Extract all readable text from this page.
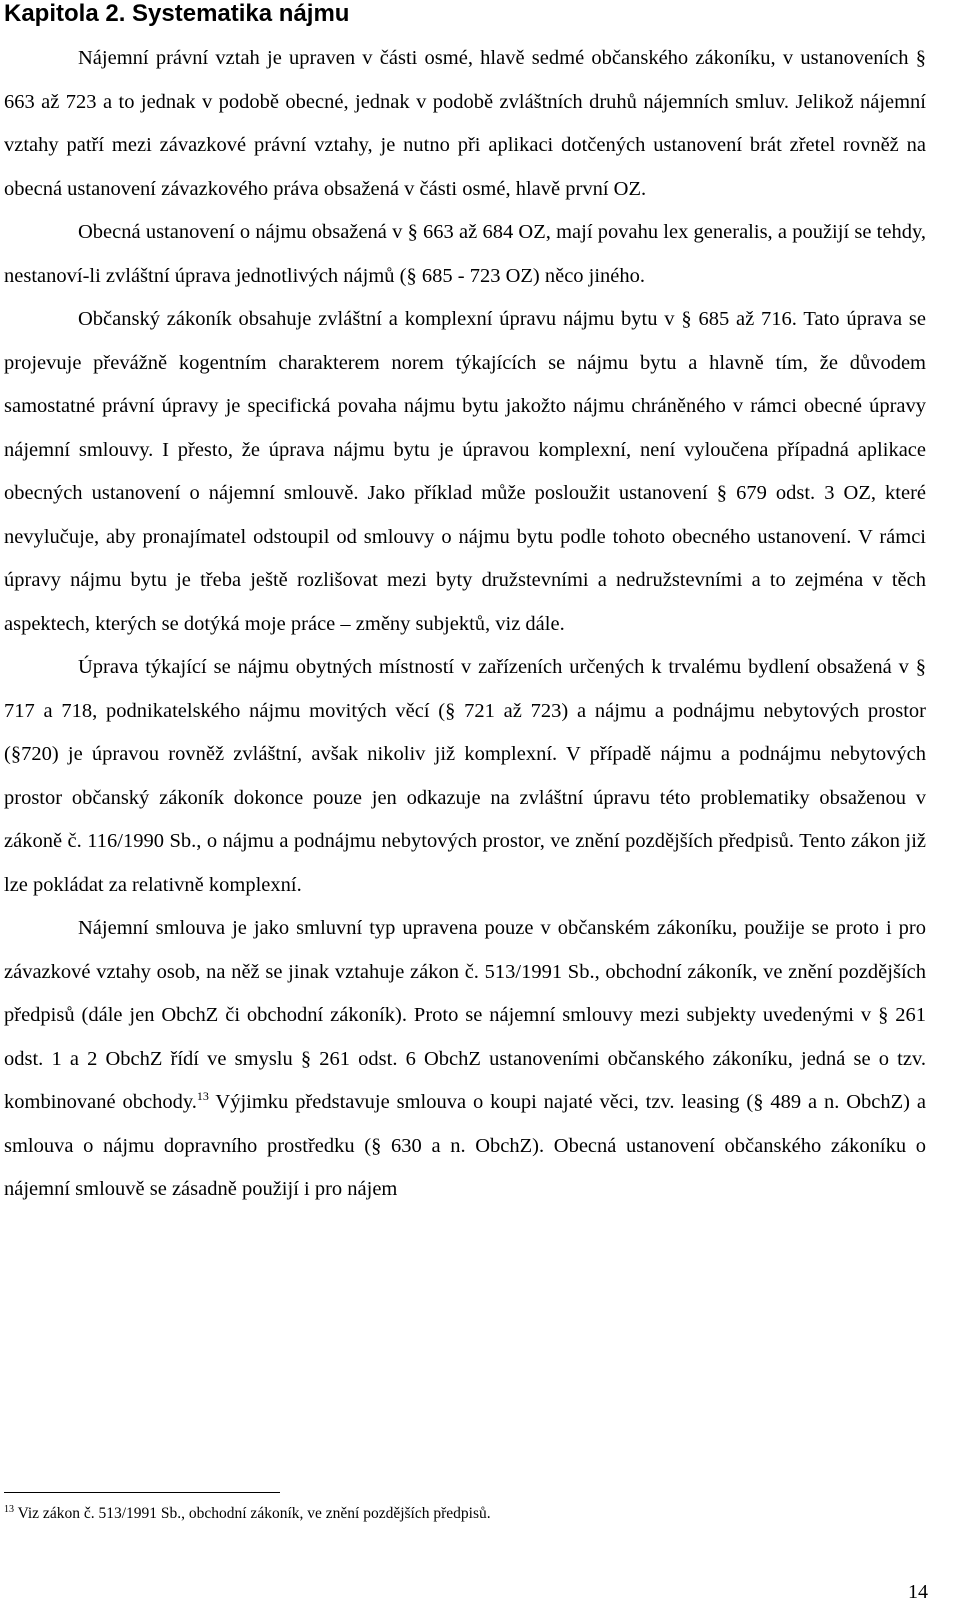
Kapitola 2. Systematika nájmu

Nájemní právní vztah je upraven v části osmé, hlavě sedmé občanského zákoníku, v ustanoveních § 663 až 723 a to jednak v podobě obecné, jednak v podobě zvláštních druhů nájemních smluv. Jelikož nájemní vztahy patří mezi závazkové právní vztahy, je nutno při aplikaci dotčených ustanovení brát zřetel rovněž na obecná ustanovení závazkového práva obsažená v části osmé, hlavě první OZ.

Obecná ustanovení o nájmu obsažená v § 663 až 684 OZ, mají povahu lex generalis, a použijí se tehdy, nestanoví-li zvláštní úprava jednotlivých nájmů (§ 685 - 723 OZ) něco jiného.

Občanský zákoník obsahuje zvláštní a komplexní úpravu nájmu bytu v § 685 až 716. Tato úprava se projevuje převážně kogentním charakterem norem týkajících se nájmu bytu a hlavně tím, že důvodem samostatné právní úpravy je specifická povaha nájmu bytu jakožto nájmu chráněného v rámci obecné úpravy nájemní smlouvy. I přesto, že úprava nájmu bytu je úpravou komplexní, není vyloučena případná aplikace obecných ustanovení o nájemní smlouvě. Jako příklad může posloužit ustanovení § 679 odst. 3 OZ, které nevylučuje, aby pronajímatel odstoupil od smlouvy o nájmu bytu podle tohoto obecného ustanovení. V rámci úpravy nájmu bytu je třeba ještě rozlišovat mezi byty družstevními a nedružstevními a to zejména v těch aspektech, kterých se dotýká moje práce – změny subjektů, viz dále.

Úprava týkající se nájmu obytných místností v zařízeních určených k trvalému bydlení obsažená v § 717 a 718, podnikatelského nájmu movitých věcí (§ 721 až 723) a nájmu a podnájmu nebytových prostor (§720) je úpravou rovněž zvláštní, avšak nikoliv již komplexní. V případě nájmu a podnájmu nebytových prostor občanský zákoník dokonce pouze jen odkazuje na zvláštní úpravu této problematiky obsaženou v zákoně č. 116/1990 Sb., o nájmu a podnájmu nebytových prostor, ve znění pozdějších předpisů. Tento zákon již lze pokládat za relativně komplexní.

Nájemní smlouva je jako smluvní typ upravena pouze v občanském zákoníku, použije se proto i pro závazkové vztahy osob, na něž se jinak vztahuje zákon č. 513/1991 Sb., obchodní zákoník, ve znění pozdějších předpisů (dále jen ObchZ či obchodní zákoník). Proto se nájemní smlouvy mezi subjekty uvedenými v § 261 odst. 1 a 2 ObchZ řídí ve smyslu § 261 odst. 6 ObchZ ustanoveními občanského zákoníku, jedná se o tzv. kombinované obchody.$^{13}$ Výjimku představuje smlouva o koupi najaté věci, tzv. leasing (§ 489 a n. ObchZ) a smlouva o nájmu dopravního prostředku (§ 630 a n. ObchZ). Obecná ustanovení občanského zákoníku o nájemní smlouvě se zásadně použijí i pro nájem

$^{13}$ Viz zákon č. 513/1991 Sb., obchodní zákoník, ve znění pozdějších předpisů.

14
